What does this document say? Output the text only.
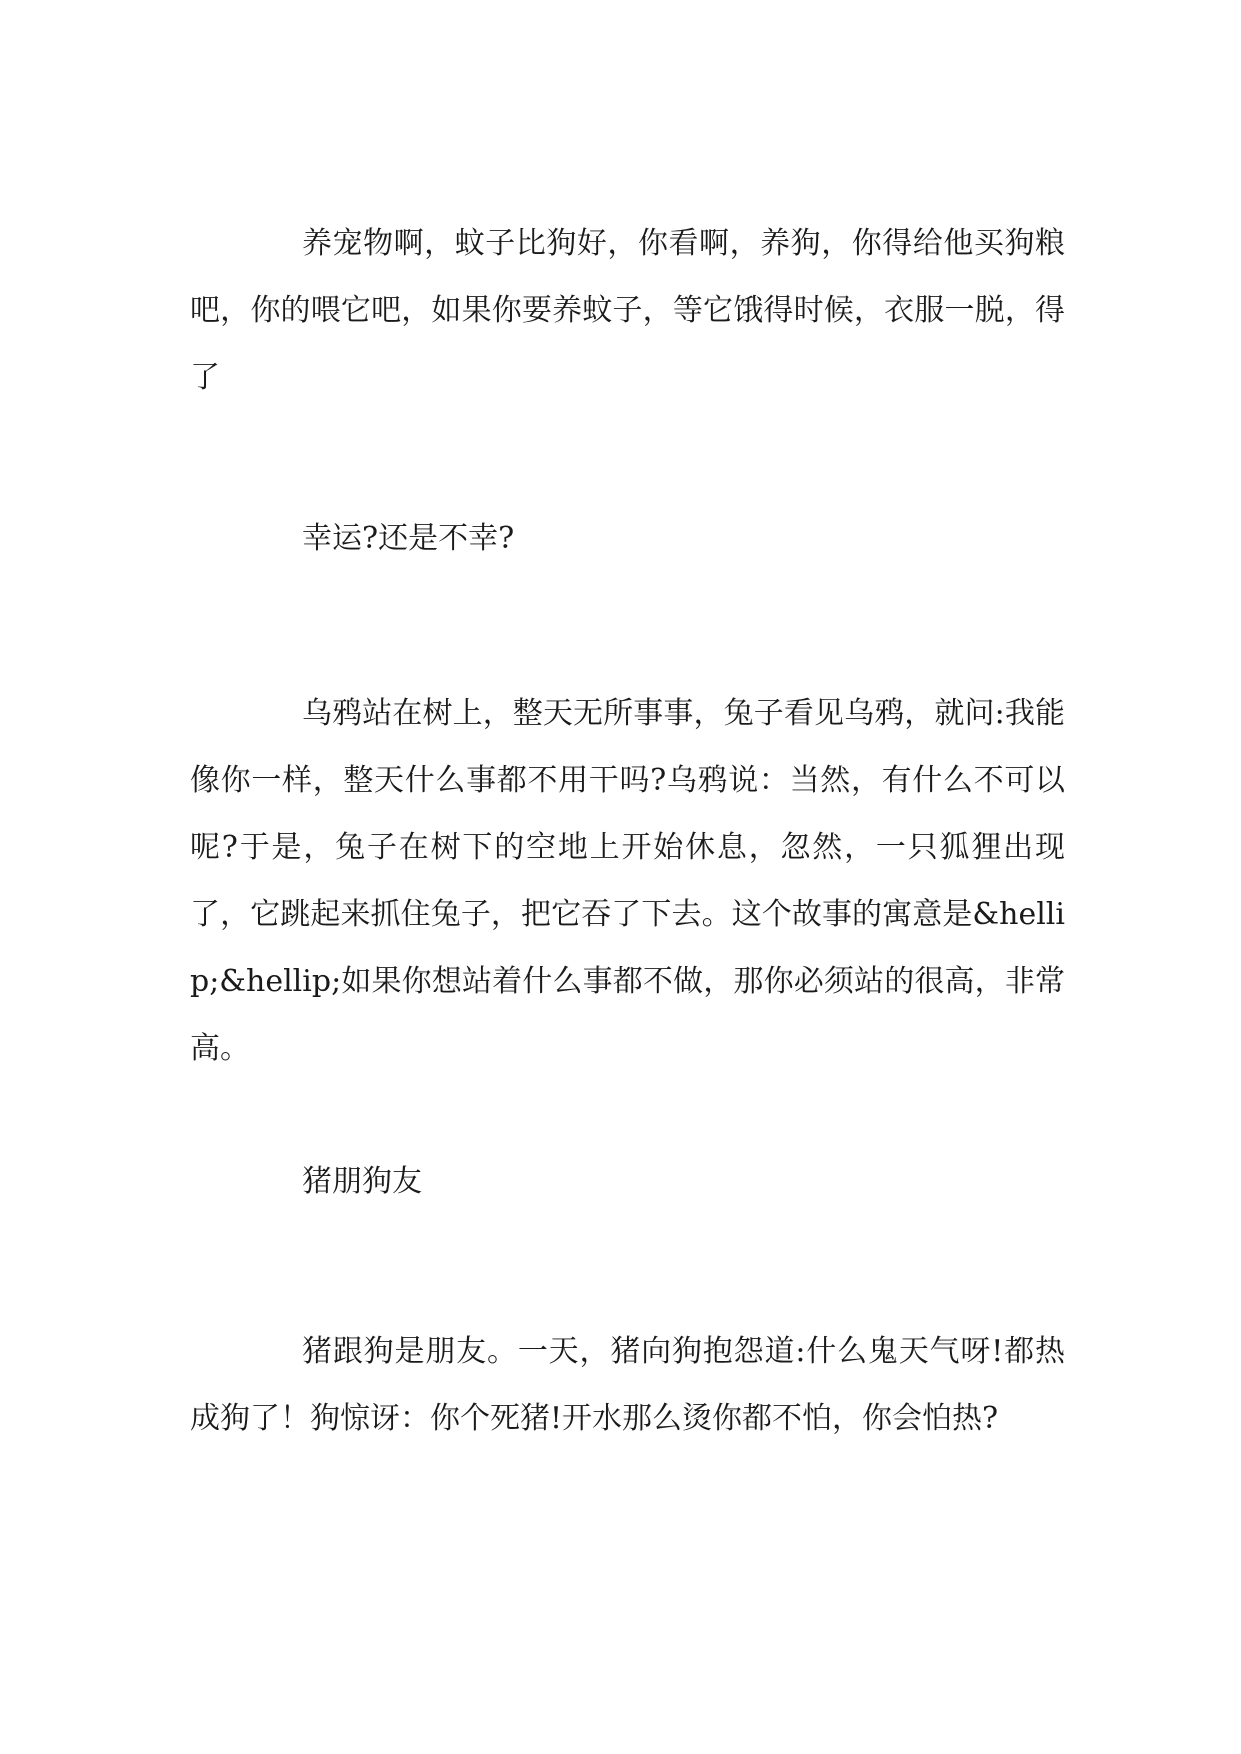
养宠物啊，蚊子比狗好，你看啊，养狗，你得给他买狗粮吧，你的喂它吧，如果你要养蚊子，等它饿得时候，衣服一脱，得了

幸运?还是不幸?

乌鸦站在树上，整天无所事事，兔子看见乌鸦，就问:我能像你一样，整天什么事都不用干吗?乌鸦说：当然，有什么不可以呢?于是，兔子在树下的空地上开始休息，忽然，一只狐狸出现了，它跳起来抓住兔子，把它吞了下去。这个故事的寓意是&hellip;&hellip;如果你想站着什么事都不做，那你必须站的很高，非常高。

猪朋狗友

猪跟狗是朋友。一天，猪向狗抱怨道:什么鬼天气呀!都热成狗了！狗惊讶：你个死猪!开水那么烫你都不怕，你会怕热?
